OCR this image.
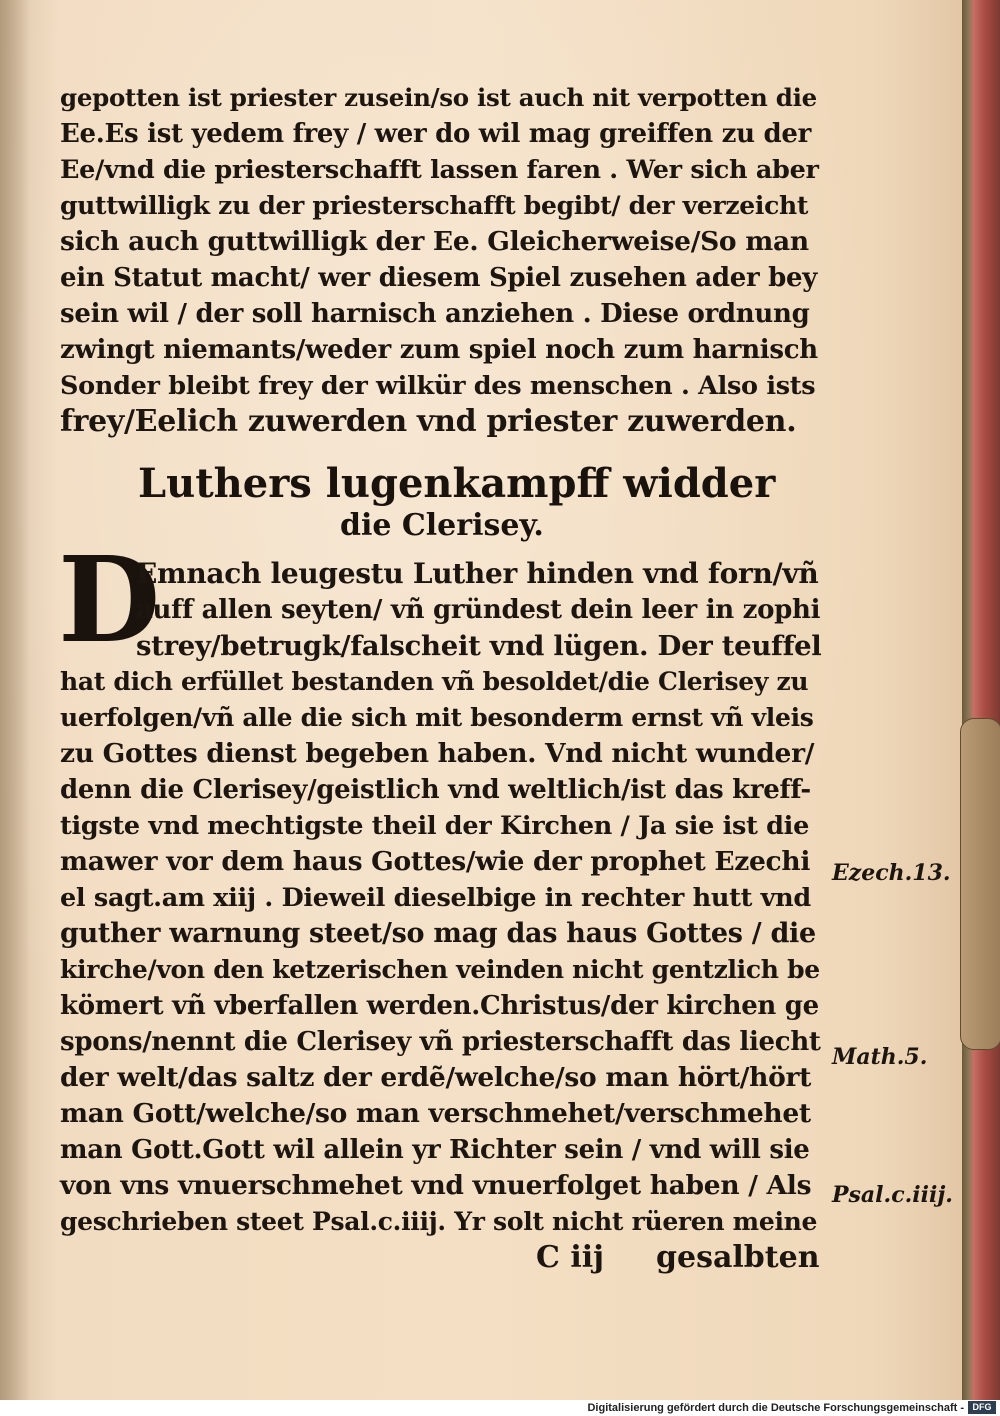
gepotten ist priester zusein/so ist auch nit verpotten die
Ee.Es ist yedem frey / wer do wil mag greiffen zu der
Ee/vnd die priesterschafft lassen faren . Wer sich aber
guttwilligk zu der priesterschafft begibt/ der verzeicht
sich auch guttwilligk der Ee. Gleicherweise/So man
ein Statut macht/ wer diesem Spiel zusehen ader bey
sein wil / der soll harnisch anziehen . Diese ordnung
zwingt niemants/weder zum spiel noch zum harnisch
Sonder bleibt frey der wilkür des menschen . Also ists
frey/Eelich zuwerden vnd priester zuwerden.
Luthers lugenkampff widder
die Clerisey.
D
Emnach leugestu Luther hinden vnd forn/vñ
auff allen seyten/ vñ gründest dein leer in zophi
strey/betrugk/falscheit vnd lügen. Der teuffel
hat dich erfüllet bestanden vñ besoldet/die Clerisey zu
uerfolgen/vñ alle die sich mit besonderm ernst vñ vleis
zu Gottes dienst begeben haben. Vnd nicht wunder/
denn die Clerisey/geistlich vnd weltlich/ist das kreff-
tigste vnd mechtigste theil der Kirchen / Ja sie ist die
mawer vor dem haus Gottes/wie der prophet Ezechi
el sagt.am xiij . Dieweil dieselbige in rechter hutt vnd
guther warnung steet/so mag das haus Gottes / die
kirche/von den ketzerischen veinden nicht gentzlich be
kömert vñ vberfallen werden.Christus/der kirchen ge
spons/nennt die Clerisey vñ priesterschafft das liecht
der welt/das saltz der erdẽ/welche/so man hört/hört
man Gott/welche/so man verschmehet/verschmehet
man Gott.Gott wil allein yr Richter sein / vnd will sie
von vns vnuerschmehet vnd vnuerfolget haben / Als
geschrieben steet Psal.c.iiij. Yr solt nicht rüeren meine
Ezech.13.
Math.5.
Psal.c.iiij.
C iij gesalbten
Digitalisierung gefördert durch die Deutsche Forschungsgemeinschaft - DFG
